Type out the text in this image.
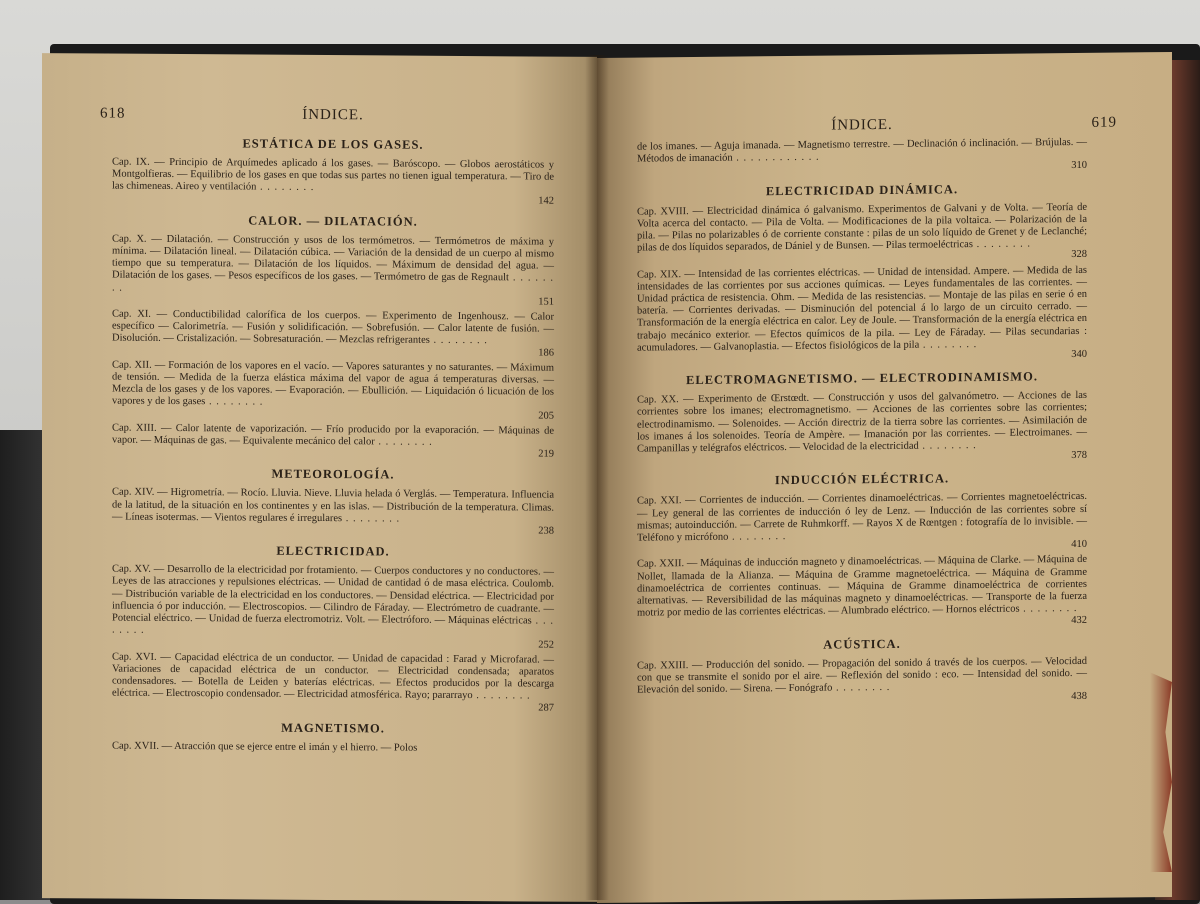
ÍNDICE.
618
ESTÁTICA DE LOS GASES.
Cap. IX. — Principio de Arquímedes aplicado á los gases. — Baróscopo. — Globos aerostáticos y Montgolfieras. — Equilibrio de los gases en que todas sus partes no tienen igual temperatura. — Tiro de las chimeneas. Aireo y ventilación . . . . . . . .
142
CALOR. — DILATACIÓN.
Cap. X. — Dilatación. — Construcción y usos de los termómetros. — Termómetros de máxima y mínima. — Dilatación lineal. — Dilatación cúbica. — Variación de la densidad de un cuerpo al mismo tiempo que su temperatura. — Dilatación de los líquidos. — Máximum de densidad del agua. — Dilatación de los gases. — Pesos específicos de los gases. — Termómetro de gas de Regnault . . . . . . . .
151
Cap. XI. — Conductibilidad calorífica de los cuerpos. — Experimento de Ingenhousz. — Calor específico — Calorimetría. — Fusión y solidificación. — Sobrefusión. — Calor latente de fusión. — Disolución. — Cristalización. — Sobresaturación. — Mezclas refrigerantes . . . . . . . .
186
Cap. XII. — Formación de los vapores en el vacío. — Vapores saturantes y no saturantes. — Máximum de tensión. — Medida de la fuerza elástica máxima del vapor de agua á temperaturas diversas. — Mezcla de los gases y de los vapores. — Evaporación. — Ebullición. — Liquidación ó licuación de los vapores y de los gases . . . . . . . .
205
Cap. XIII. — Calor latente de vaporización. — Frío producido por la evaporación. — Máquinas de vapor. — Máquinas de gas. — Equivalente mecánico del calor . . . . . . . .
219
METEOROLOGÍA.
Cap. XIV. — Higrometría. — Rocío. Lluvia. Nieve. Lluvia helada ó Verglás. — Temperatura. Influencia de la latitud, de la situación en los continentes y en las islas. — Distribución de la temperatura. Climas. — Líneas isotermas. — Vientos regulares é irregulares . . . . . . . .
238
ELECTRICIDAD.
Cap. XV. — Desarrollo de la electricidad por frotamiento. — Cuerpos conductores y no conductores. — Leyes de las atracciones y repulsiones eléctricas. — Unidad de cantidad ó de masa eléctrica. Coulomb. — Distribución variable de la electricidad en los conductores. — Densidad eléctrica. — Electricidad por influencia ó por inducción. — Electroscopios. — Cilindro de Fáraday. — Electrómetro de cuadrante. — Potencial eléctrico. — Unidad de fuerza electromotriz. Volt. — Electróforo. — Máquinas eléctricas . . . . . . . .
252
Cap. XVI. — Capacidad eléctrica de un conductor. — Unidad de capacidad : Farad y Microfarad. — Variaciones de capacidad eléctrica de un conductor. — Electricidad condensada; aparatos condensadores. — Botella de Leiden y baterías eléctricas. — Efectos producidos por la descarga eléctrica. — Electroscopio condensador. — Electricidad atmosférica. Rayo; pararrayo . . . . . . . .
287
MAGNETISMO.
Cap. XVII. — Atracción que se ejerce entre el imán y el hierro. — Polos
ÍNDICE.	619
de los imanes. — Aguja imanada. — Magnetismo terrestre. — Declinación ó inclinación. — Brújulas. — Métodos de imanación . . . . . . . . . . . .
310
ELECTRICIDAD DINÁMICA.
Cap. XVIII. — Electricidad dinámica ó galvanismo. Experimentos de Galvani y de Volta. — Teoría de Volta acerca del contacto. — Pila de Volta. — Modificaciones de la pila voltaica. — Polarización de la pila. — Pilas no polarizables ó de corriente constante : pilas de un solo líquido de Grenet y de Leclanché; pilas de dos líquidos separados, de Dániel y de Bunsen. — Pilas termoeléctricas . . . . . . . .
328
Cap. XIX. — Intensidad de las corrientes eléctricas. — Unidad de intensidad. Ampere. — Medida de las intensidades de las corrientes por sus acciones químicas. — Leyes fundamentales de las corrientes. — Unidad práctica de resistencia. Ohm. — Medida de las resistencias. — Montaje de las pilas en serie ó en batería. — Corrientes derivadas. — Disminución del potencial á lo largo de un circuito cerrado. — Transformación de la energía eléctrica en calor. Ley de Joule. — Transformación de la energía eléctrica en trabajo mecánico exterior. — Efectos químicos de la pila. — Ley de Fáraday. — Pilas secundarias : acumuladores. — Galvanoplastia. — Efectos fisiológicos de la pila . . . . . . . .
340
ELECTROMAGNETISMO. — ELECTRODINAMISMO.
Cap. XX. — Experimento de Œrstœdt. — Construcción y usos del galvanómetro. — Acciones de las corrientes sobre los imanes; electromagnetismo. — Acciones de las corrientes sobre las corrientes; electrodinamismo. — Solenoides. — Acción directriz de la tierra sobre las corrientes. — Asimilación de los imanes á los solenoides. Teoría de Ampère. — Imanación por las corrientes. — Electroimanes. — Campanillas y telégrafos eléctricos. — Velocidad de la electricidad . . . . . . . .
378
INDUCCIÓN ELÉCTRICA.
Cap. XXI. — Corrientes de inducción. — Corrientes dinamoeléctricas. — Corrientes magnetoeléctricas. — Ley general de las corrientes de inducción ó ley de Lenz. — Inducción de las corrientes sobre sí mismas; autoinducción. — Carrete de Ruhmkorff. — Rayos X de Rœntgen : fotografía de lo invisible. — Teléfono y micrófono . . . . . . . .
410
Cap. XXII. — Máquinas de inducción magneto y dinamoeléctricas. — Máquina de Clarke. — Máquina de Nollet, llamada de la Alianza. — Máquina de Gramme magnetoeléctrica. — Máquina de Gramme dinamoeléctrica de corrientes continuas. — Máquina de Gramme dinamoeléctrica de corrientes alternativas. — Reversibilidad de las máquinas magneto y dinamoeléctricas. — Transporte de la fuerza motriz por medio de las corrientes eléctricas. — Alumbrado eléctrico. — Hornos eléctricos . . . . . . . .
432
ACÚSTICA.
Cap. XXIII. — Producción del sonido. — Propagación del sonido á través de los cuerpos. — Velocidad con que se transmite el sonido por el aire. — Reflexión del sonido : eco. — Intensidad del sonido. — Elevación del sonido. — Sirena. — Fonógrafo . . . . . . . .
438
